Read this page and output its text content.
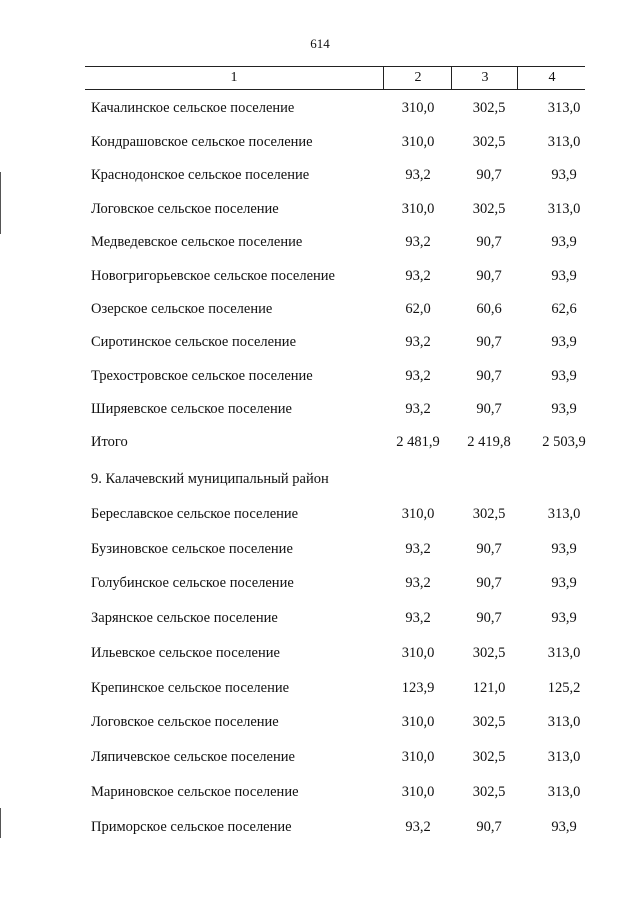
614
1	2	3	4
Качалинское сельское поселение	310,0	302,5	313,0
Кондрашовское сельское поселение	310,0	302,5	313,0
Краснодонское сельское поселение	93,2	90,7	93,9
Логовское сельское поселение	310,0	302,5	313,0
Медведевское сельское поселение	93,2	90,7	93,9
Новогригорьевское сельское поселение	93,2	90,7	93,9
Озерское сельское поселение	62,0	60,6	62,6
Сиротинское сельское поселение	93,2	90,7	93,9
Трехостровское сельское поселение	93,2	90,7	93,9
Ширяевское сельское поселение	93,2	90,7	93,9
Итого	2 481,9	2 419,8	2 503,9
9. Калачевский муниципальный район
Береславское сельское поселение	310,0	302,5	313,0
Бузиновское сельское поселение	93,2	90,7	93,9
Голубинское сельское поселение	93,2	90,7	93,9
Зарянское сельское поселение	93,2	90,7	93,9
Ильевское сельское поселение	310,0	302,5	313,0
Крепинское сельское поселение	123,9	121,0	125,2
Логовское сельское поселение	310,0	302,5	313,0
Ляпичевское сельское поселение	310,0	302,5	313,0
Мариновское сельское поселение	310,0	302,5	313,0
Приморское сельское поселение	93,2	90,7	93,9
